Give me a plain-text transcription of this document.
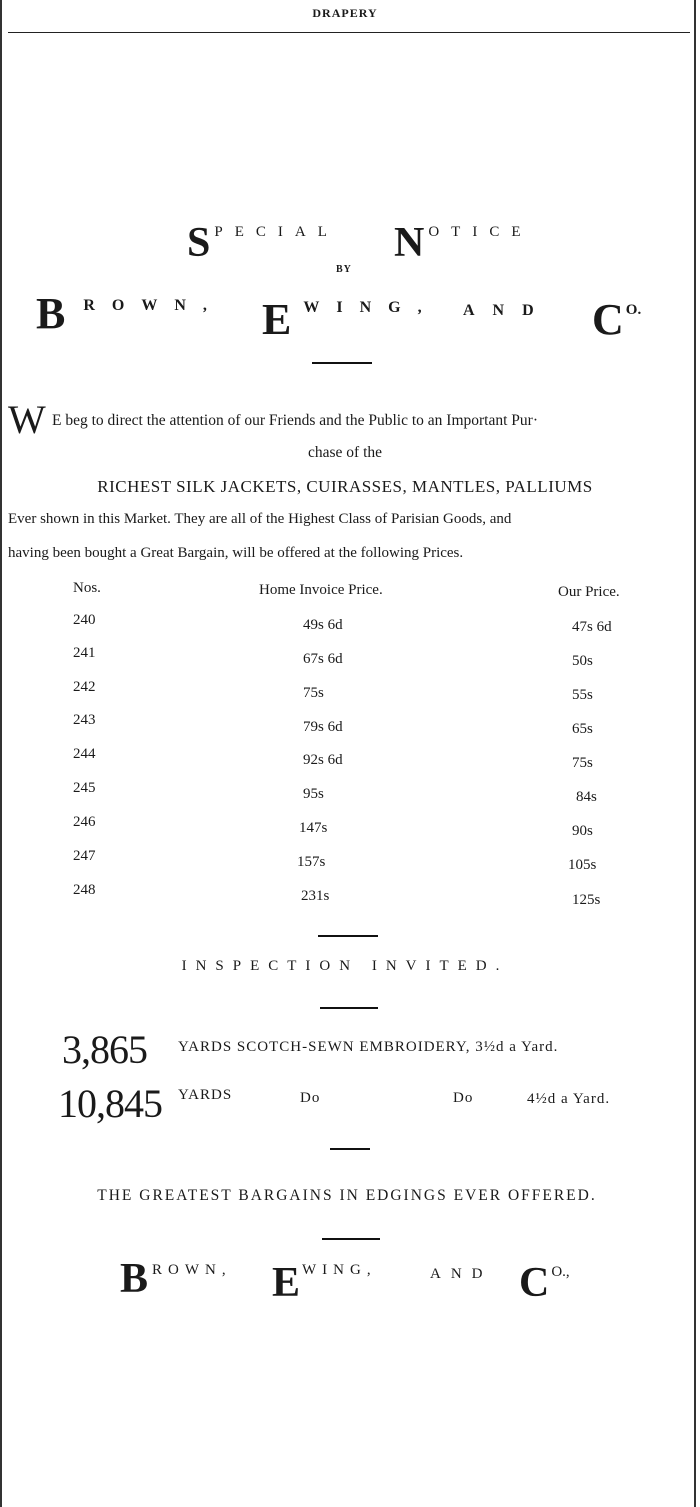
DRAPERY
SPECIAL NOTICE
BY
B ROWN, EWING, AND C O.
W E beg to direct the attention of our Friends and the Public to an Important Pur·
chase of the
RICHEST SILK JACKETS, CUIRASSES, MANTLES, PALLIUMS
Ever shown in this Market. They are all of the Highest Class of Parisian Goods, and
having been bought a Great Bargain, will be offered at the following Prices.
Nos.	Home Invoice Price.	Our Price.
240	49s 6d	47s 6d
241	67s 6d	50s
242	75s	55s
243	79s 6d	65s
244	92s 6d	75s
245	95s	84s
246	147s	90s
247	157s	105s
248	231s	125s
INSPECTION INVITED.
3,865 YARDS SCOTCH-SEWN EMBROIDERY, 3½d a Yard.
10,845 YARDS	Do	Do	4½d a Yard.
THE GREATEST BARGAINS IN EDGINGS EVER OFFERED.
BROWN, EWING,	AND C O.,
